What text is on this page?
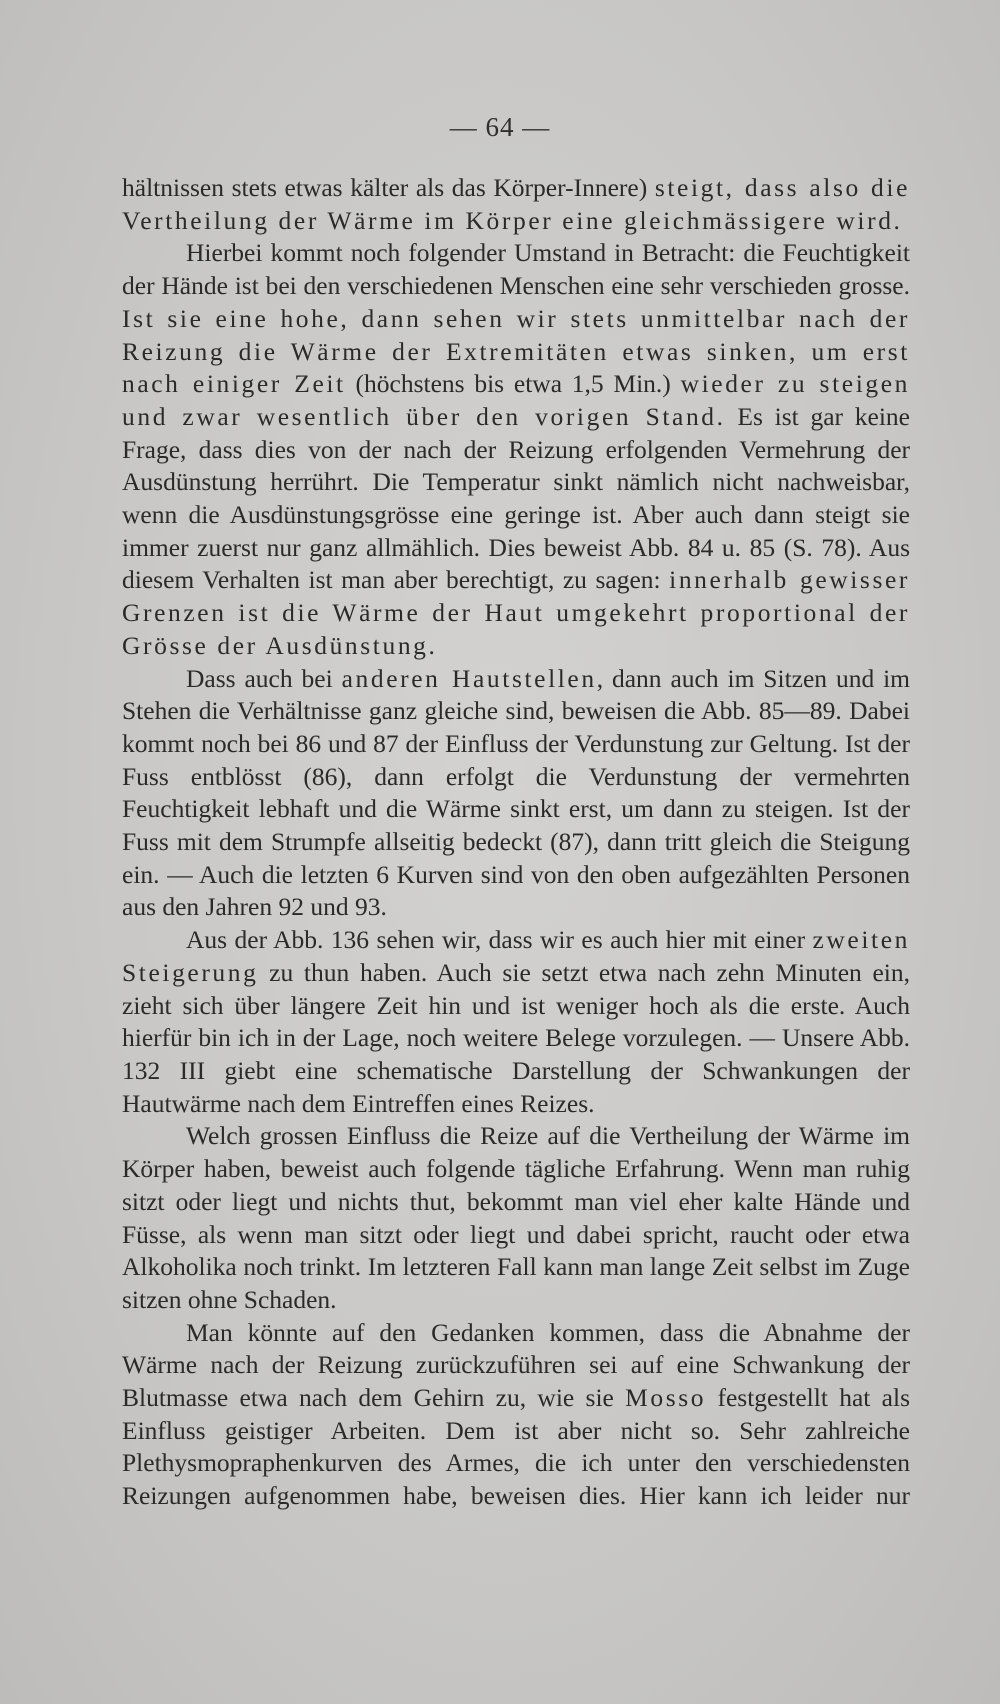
— 64 —

hältnissen stets etwas kälter als das Körper-Innere) steigt, dass also die Vertheilung der Wärme im Körper eine gleichmässigere wird.

Hierbei kommt noch folgender Umstand in Betracht: die Feuchtigkeit der Hände ist bei den verschiedenen Menschen eine sehr verschieden grosse. Ist sie eine hohe, dann sehen wir stets unmittelbar nach der Reizung die Wärme der Extremitäten etwas sinken, um erst nach einiger Zeit (höchstens bis etwa 1,5 Min.) wieder zu steigen und zwar wesentlich über den vorigen Stand. Es ist gar keine Frage, dass dies von der nach der Reizung erfolgenden Vermehrung der Ausdünstung herrührt. Die Temperatur sinkt nämlich nicht nachweisbar, wenn die Ausdünstungsgrösse eine geringe ist. Aber auch dann steigt sie immer zuerst nur ganz allmählich. Dies beweist Abb. 84 u. 85 (S. 78). Aus diesem Verhalten ist man aber berechtigt, zu sagen: innerhalb gewisser Grenzen ist die Wärme der Haut umgekehrt proportional der Grösse der Ausdünstung.

Dass auch bei anderen Hautstellen, dann auch im Sitzen und im Stehen die Verhältnisse ganz gleiche sind, beweisen die Abb. 85—89. Dabei kommt noch bei 86 und 87 der Einfluss der Verdunstung zur Geltung. Ist der Fuss entblösst (86), dann erfolgt die Verdunstung der vermehrten Feuchtigkeit lebhaft und die Wärme sinkt erst, um dann zu steigen. Ist der Fuss mit dem Strumpfe allseitig bedeckt (87), dann tritt gleich die Steigung ein. — Auch die letzten 6 Kurven sind von den oben aufgezählten Personen aus den Jahren 92 und 93.

Aus der Abb. 136 sehen wir, dass wir es auch hier mit einer zweiten Steigerung zu thun haben. Auch sie setzt etwa nach zehn Minuten ein, zieht sich über längere Zeit hin und ist weniger hoch als die erste. Auch hierfür bin ich in der Lage, noch weitere Belege vorzulegen. — Unsere Abb. 132 III giebt eine schematische Darstellung der Schwankungen der Hautwärme nach dem Eintreffen eines Reizes.

Welch grossen Einfluss die Reize auf die Vertheilung der Wärme im Körper haben, beweist auch folgende tägliche Erfahrung. Wenn man ruhig sitzt oder liegt und nichts thut, bekommt man viel eher kalte Hände und Füsse, als wenn man sitzt oder liegt und dabei spricht, raucht oder etwa Alkoholika noch trinkt. Im letzteren Fall kann man lange Zeit selbst im Zuge sitzen ohne Schaden.

Man könnte auf den Gedanken kommen, dass die Abnahme der Wärme nach der Reizung zurückzuführen sei auf eine Schwankung der Blutmasse etwa nach dem Gehirn zu, wie sie Mosso festgestellt hat als Einfluss geistiger Arbeiten. Dem ist aber nicht so. Sehr zahlreiche Plethysmopraphenkurven des Armes, die ich unter den verschiedensten Reizungen aufgenommen habe, beweisen dies. Hier kann ich leider nur
